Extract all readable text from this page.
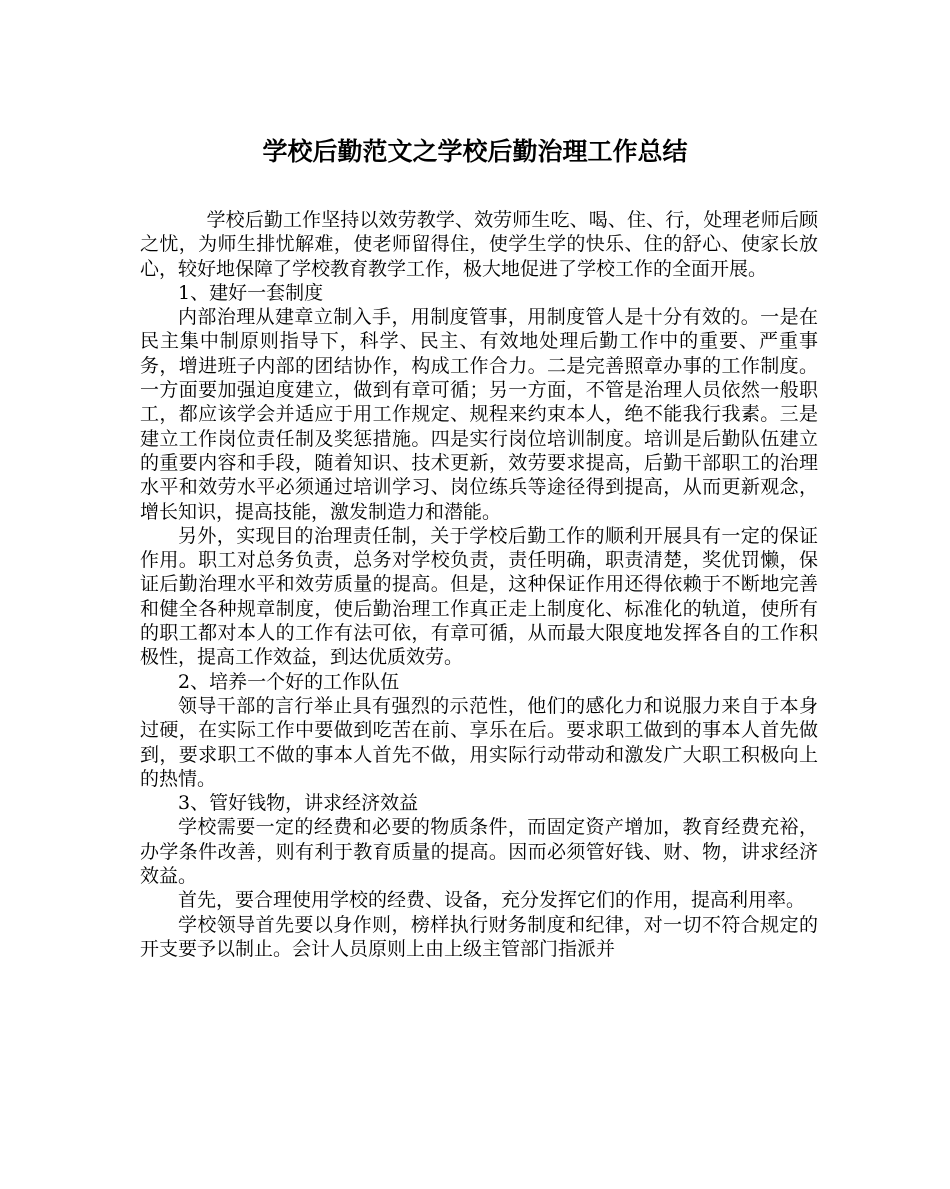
学校后勤范文之学校后勤治理工作总结

学校后勤工作坚持以效劳教学、效劳师生吃、喝、住、行，处理老师后顾之忧，为师生排忧解难，使老师留得住，使学生学的快乐、住的舒心、使家长放心，较好地保障了学校教育教学工作，极大地促进了学校工作的全面开展。

1、建好一套制度

内部治理从建章立制入手，用制度管事，用制度管人是十分有效的。一是在民主集中制原则指导下，科学、民主、有效地处理后勤工作中的重要、严重事务，增进班子内部的团结协作，构成工作合力。二是完善照章办事的工作制度。一方面要加强迫度建立，做到有章可循；另一方面，不管是治理人员依然一般职工，都应该学会并适应于用工作规定、规程来约束本人，绝不能我行我素。三是建立工作岗位责任制及奖惩措施。四是实行岗位培训制度。培训是后勤队伍建立的重要内容和手段，随着知识、技术更新，效劳要求提高，后勤干部职工的治理水平和效劳水平必须通过培训学习、岗位练兵等途径得到提高，从而更新观念，增长知识，提高技能，激发制造力和潜能。

另外，实现目的治理责任制，关于学校后勤工作的顺利开展具有一定的保证作用。职工对总务负责，总务对学校负责，责任明确，职责清楚，奖优罚懒，保证后勤治理水平和效劳质量的提高。但是，这种保证作用还得依赖于不断地完善和健全各种规章制度，使后勤治理工作真正走上制度化、标准化的轨道，使所有的职工都对本人的工作有法可依，有章可循，从而最大限度地发挥各自的工作积极性，提高工作效益，到达优质效劳。

2、培养一个好的工作队伍

领导干部的言行举止具有强烈的示范性，他们的感化力和说服力来自于本身过硬，在实际工作中要做到吃苦在前、享乐在后。要求职工做到的事本人首先做到，要求职工不做的事本人首先不做，用实际行动带动和激发广大职工积极向上的热情。

3、管好钱物，讲求经济效益

学校需要一定的经费和必要的物质条件，而固定资产增加，教育经费充裕，办学条件改善，则有利于教育质量的提高。因而必须管好钱、财、物，讲求经济效益。

首先，要合理使用学校的经费、设备，充分发挥它们的作用，提高利用率。

学校领导首先要以身作则，榜样执行财务制度和纪律，对一切不符合规定的开支要予以制止。会计人员原则上由上级主管部门指派并
